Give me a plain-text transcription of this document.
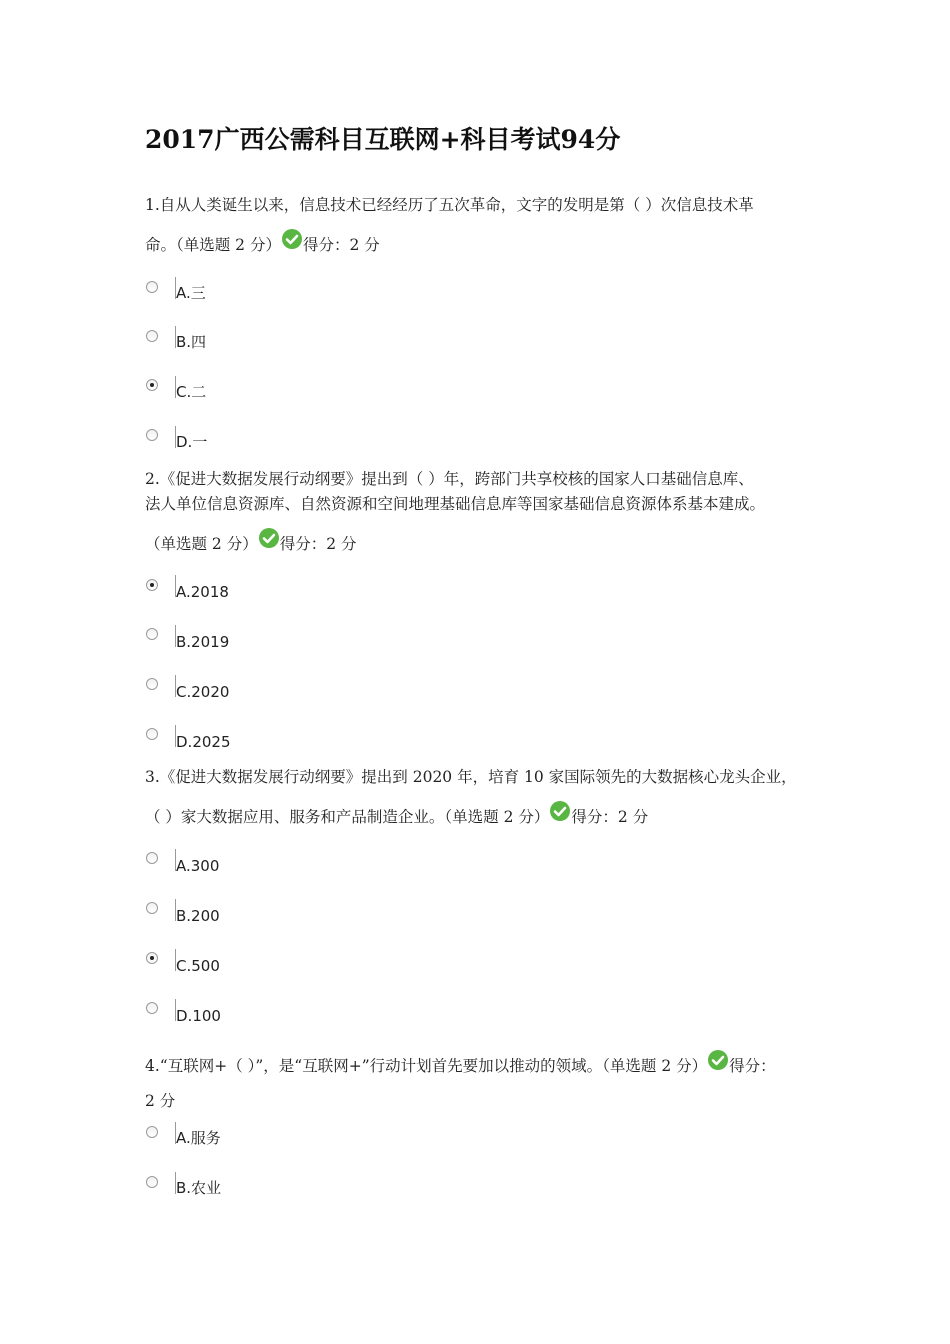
2017广西公需科目互联网+科目考试94分
1.自从人类诞生以来，信息技术已经经历了五次革命，文字的发明是第（ ）次信息技术革
命。（单选题 2 分） 得分：2 分
A.三
B.四
C.二
D.一
2.《促进大数据发展行动纲要》提出到（ ）年，跨部门共享校核的国家人口基础信息库、
法人单位信息资源库、自然资源和空间地理基础信息库等国家基础信息资源体系基本建成。
（单选题 2 分） 得分：2 分
A.2018
B.2019
C.2020
D.2025
3.《促进大数据发展行动纲要》提出到 2020 年，培育 10 家国际领先的大数据核心龙头企业，
（ ）家大数据应用、服务和产品制造企业。（单选题 2 分） 得分：2 分
A.300
B.200
C.500
D.100
4.“互联网+（ ）”，是“互联网+”行动计划首先要加以推动的领域。（单选题 2 分） 得分：
2 分
A.服务
B.农业
